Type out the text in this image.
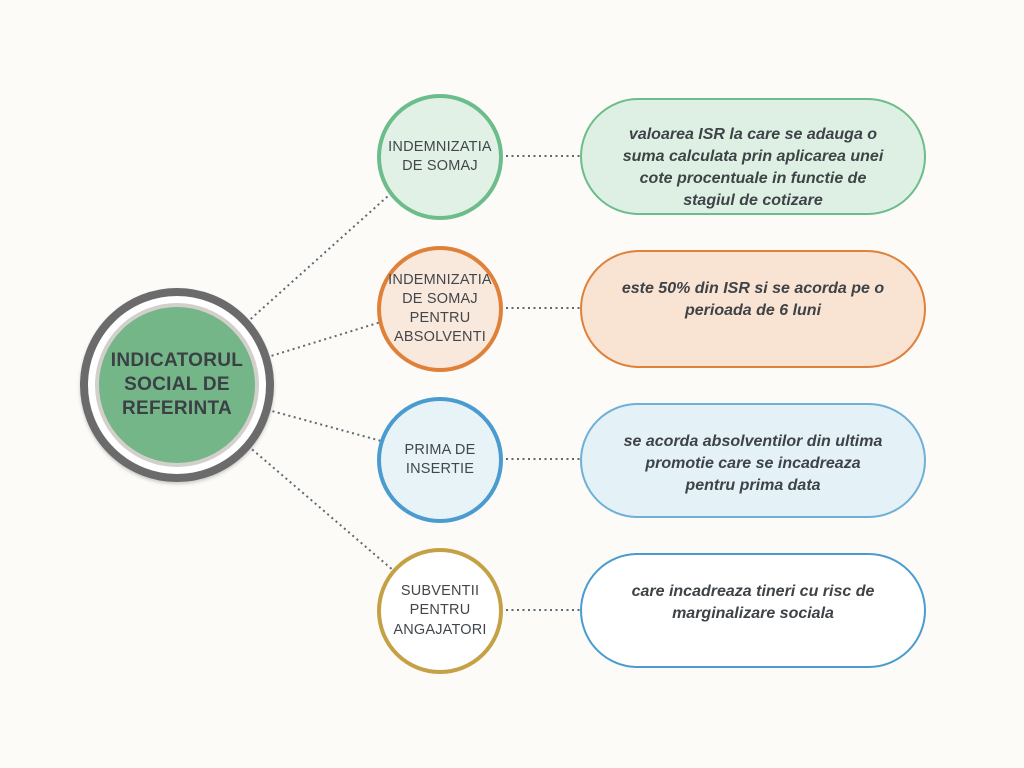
INDICATORUL SOCIAL DE REFERINTA
INDEMNIZATIA DE SOMAJ
valoarea ISR la care se adauga o suma calculata prin aplicarea unei cote procentuale in functie de stagiul de cotizare
INDEMNIZATIA DE SOMAJ PENTRU ABSOLVENTI
este 50% din ISR si se acorda pe o perioada de 6 luni
PRIMA DE INSERTIE
se acorda absolventilor din ultima promotie care se incadreaza pentru prima data
SUBVENTII PENTRU ANGAJATORI
care incadreaza tineri cu risc de marginalizare sociala
